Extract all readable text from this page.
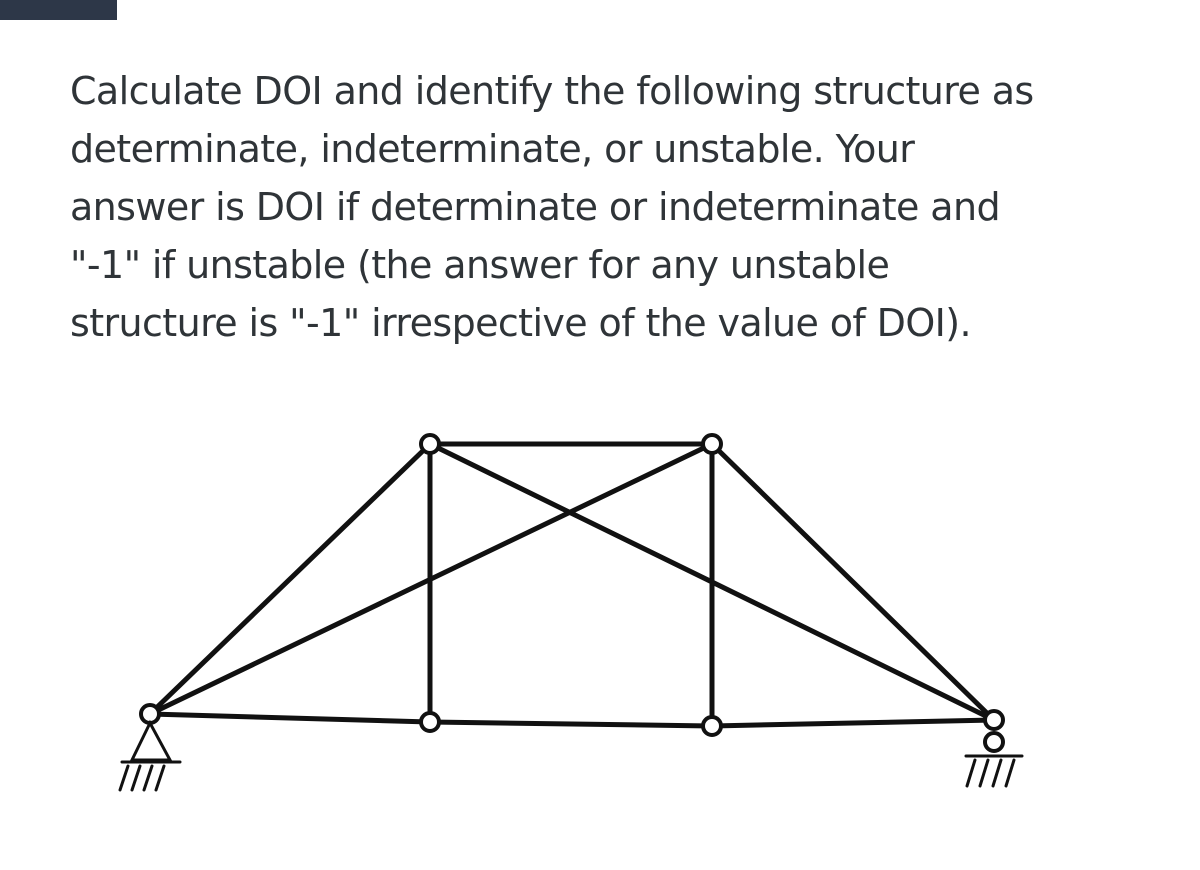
Calculate DOI and identify the following structure as
determinate, indeterminate, or unstable. Your
answer is DOI if determinate or indeterminate and
"-1" if unstable (the answer for any unstable
structure is "-1" irrespective of the value of DOI).
